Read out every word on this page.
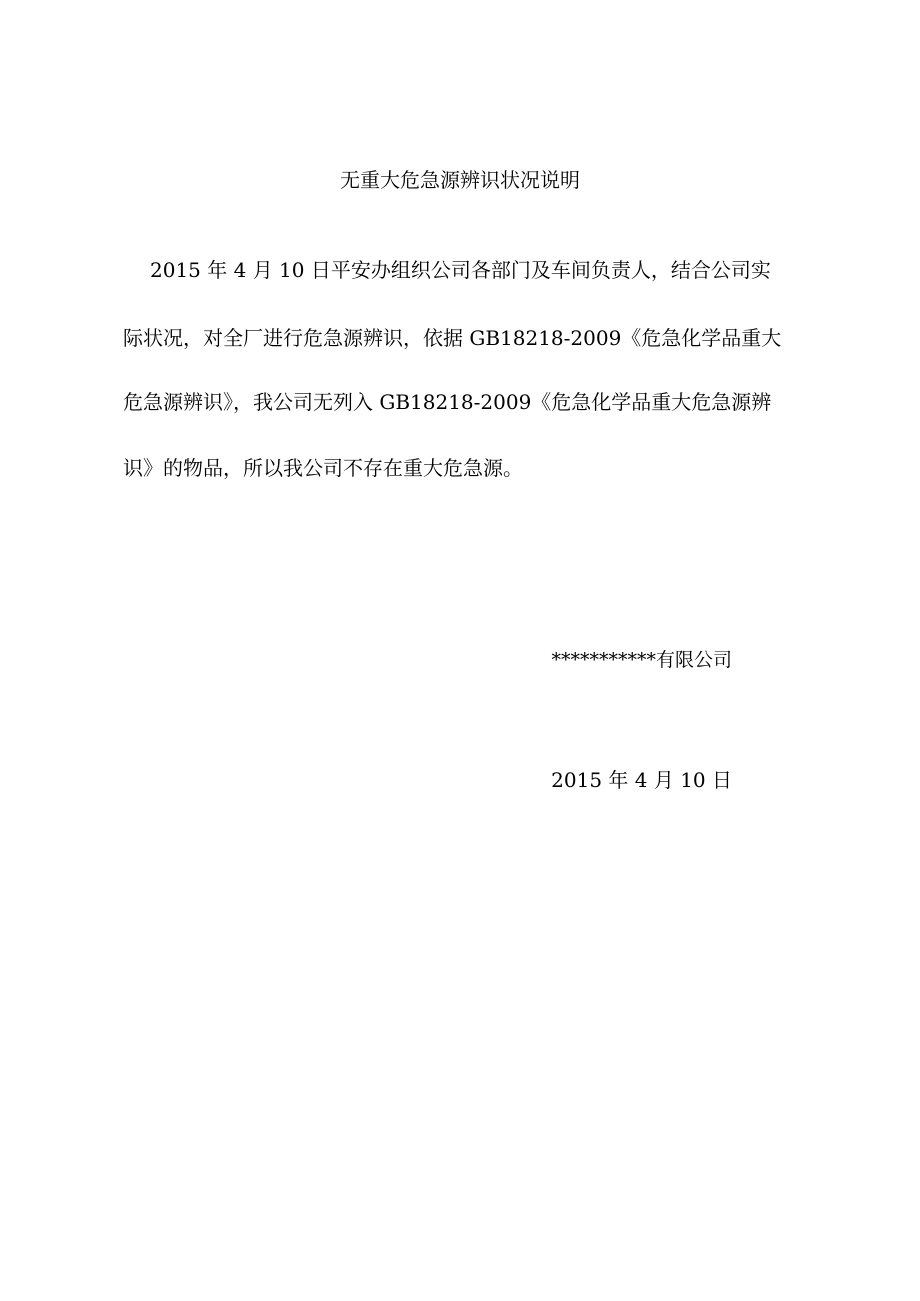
无重大危急源辨识状况说明
2015 年 4 月 10 日平安办组织公司各部门及车间负责人，结合公司实
际状况，对全厂进行危急源辨识，依据 GB18218-2009《危急化学品重大
危急源辨识》，我公司无列入 GB18218-2009《危急化学品重大危急源辨
识》的物品，所以我公司不存在重大危急源。
***********有限公司
2015 年 4 月 10 日
